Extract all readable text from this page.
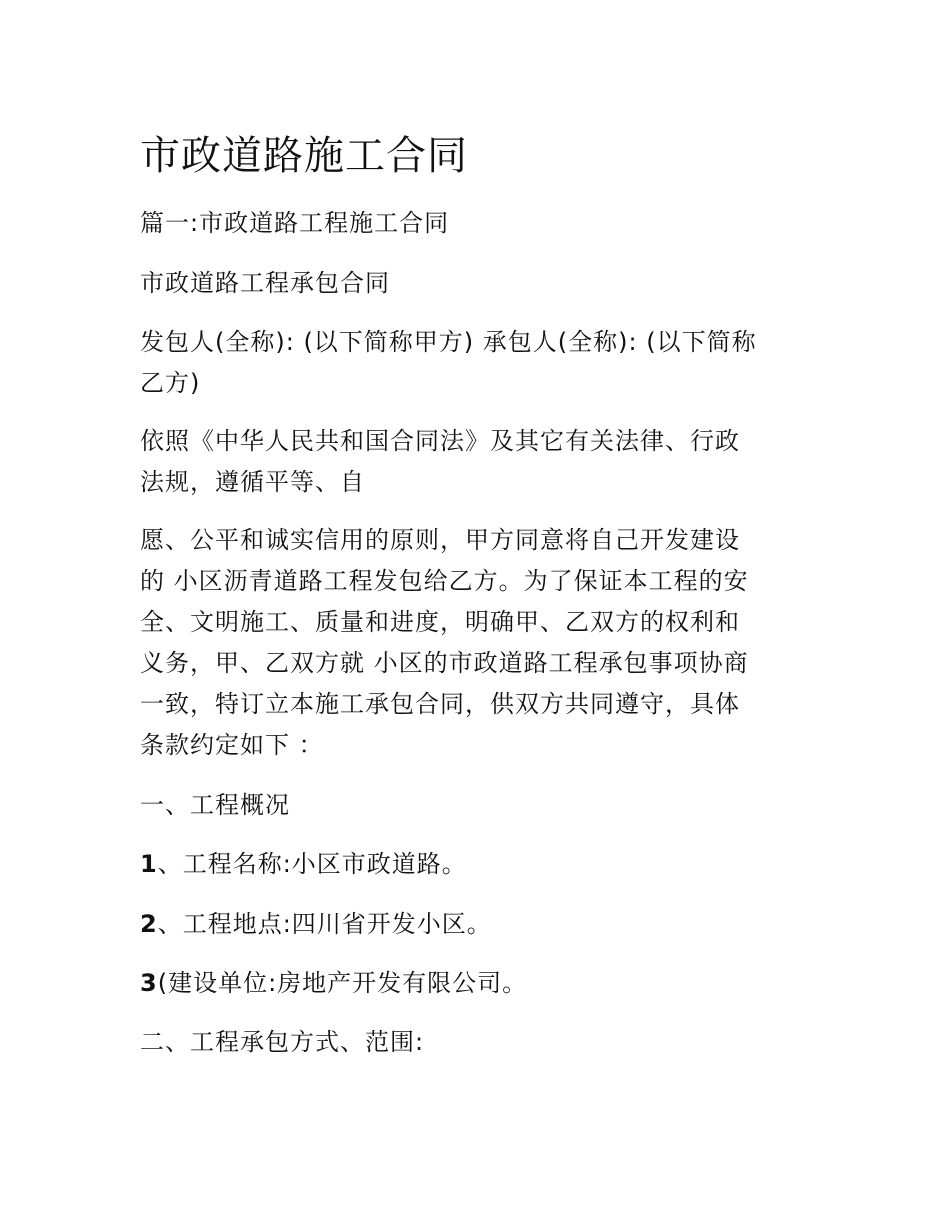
市政道路施工合同

篇一:市政道路工程施工合同

市政道路工程承包合同

发包人(全称): (以下简称甲方) 承包人(全称): (以下简称
乙方)

依照《中华人民共和国合同法》及其它有关法律、行政
法规，遵循平等、自

愿、公平和诚实信用的原则，甲方同意将自己开发建设
的 小区沥青道路工程发包给乙方。为了保证本工程的安
全、文明施工、质量和进度，明确甲、乙双方的权利和
义务，甲、乙双方就 小区的市政道路工程承包事项协商
一致，特订立本施工承包合同，供双方共同遵守，具体
条款约定如下 ：

一、工程概况

1、工程名称:小区市政道路。

2、工程地点:四川省开发小区。

3(建设单位:房地产开发有限公司。

二、工程承包方式、范围:
